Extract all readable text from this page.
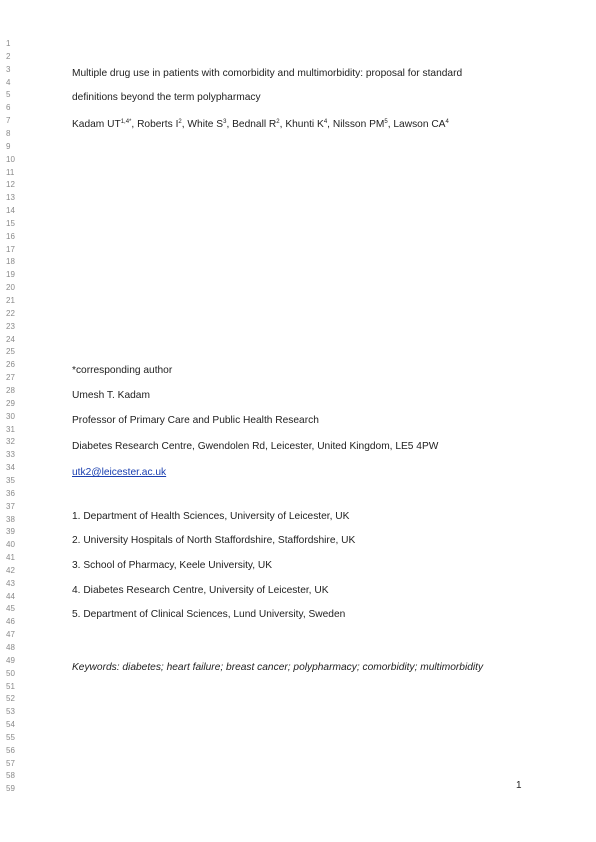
1
2
3
4
5
6
7
8
9
10
11
12
13
14
15
16
17
18
19
20
21
22
23
24
25
26
27
28
29
30
31
32
33
34
35
36
37
38
39
40
41
42
43
44
45
46
47
48
49
50
51
52
53
54
55
56
57
58
59
Multiple drug use in patients with comorbidity and multimorbidity: proposal for standard
definitions beyond the term polypharmacy
Kadam $UT^{1,4*}$, Roberts $I^2$, White $S^3$, Bednall $R^2$, Khunti $K^4$, Nilsson $PM^5$, Lawson $CA^4$
*corresponding author
Umesh T. Kadam
Professor of Primary Care and Public Health Research
Diabetes Research Centre, Gwendolen Rd, Leicester, United Kingdom, LE5 4PW
utk2@leicester.ac.uk
1. Department of Health Sciences, University of Leicester, UK
2. University Hospitals of North Staffordshire, Staffordshire, UK
3. School of Pharmacy, Keele University, UK
4. Diabetes Research Centre, University of Leicester, UK
5. Department of Clinical Sciences, Lund University, Sweden
Keywords: diabetes; heart failure; breast cancer; polypharmacy; comorbidity; multimorbidity
1
